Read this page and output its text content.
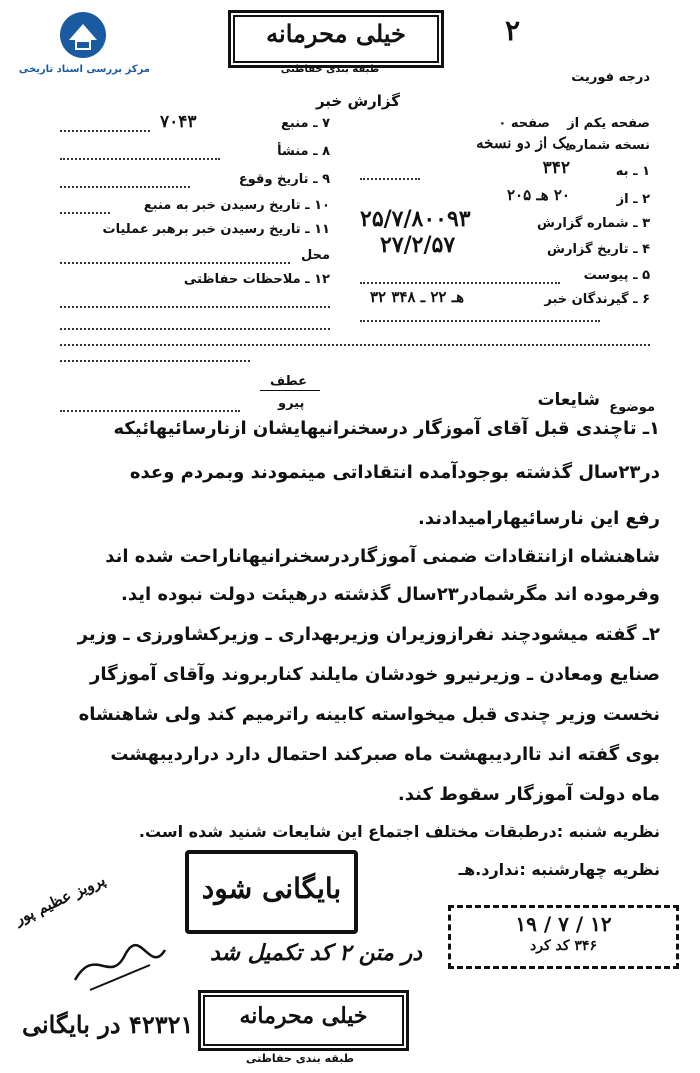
مرکز بررسی اسناد تاریخی
خیلی محرمانه
طبقه بندی حفاظتی
۲
درجه فوریت
گزارش خبر
۷ ـ منبع
۷۰۴۳
۸ ـ منشأ
۹ ـ تاریخ وقوع
۱۰ ـ تاریخ رسیدن خبر به منبع
۱۱ ـ تاریخ رسیدن خبر برهبر عملیات
محل
۱۲ ـ ملاحظات حفاظتی
صفحه یکم از
صفحه ۰
نسخه شماره
یک از دو نسخه
۱ ـ به
۳۴۲
۲ ـ از
۲۰ هـ ۲۰۵
۳ ـ شماره گزارش
۲۵/۷/۸۰۰۹۳
۴ ـ تاریخ گزارش
۲۷/۲/۵۷
۵ ـ پیوست
۶ ـ گیرندگان خبر
۳۲ هـ ۲۲ ـ ۳۴۸
عطف
پیرو	موضوع
شایعات
۱ـ تاچندی قبل آقای آموزگار درسخنرانیهایشان ازنارسائیهائیکه
در۲۳سال گذشته بوجودآمده انتقاداتی مینمودند وبمردم وعده
رفع این نارسائیهارامیدادند.
شاهنشاه ازانتقادات ضمنی آموزگاردرسخنرانیهاناراحت شده اند
وفرموده اند مگرشمادر۲۳سال گذشته درهیئت دولت نبوده اید.
۲ـ گفته میشودچند نفرازوزیران وزیربهداری ـ وزیرکشاورزی ـ وزیر
صنایع ومعادن ـ وزیرنیرو خودشان مایلند کناربروند وآقای آموزگار
نخست وزیر چندی قبل میخواسته کابینه راترمیم کند ولی شاهنشاه
بوی گفته اند تااردیبهشت ماه صبرکند احتمال دارد دراردیبهشت
ماه دولت آموزگار سقوط کند.
نظریه شنبه :درطبقات مختلف اجتماع این شایعات شنید شده است.
نظریه چهارشنبه :ندارد.هـ
بایگانی شود
در متن ۲ کد تکمیل شد
پرویز عظیم پور
۴۲۳۲۱ در بایگانی
۱۹ / ۷ / ۱۲
۳۴۶ کد کرد
خیلی محرمانه
طبقه بندی حفاظتی
